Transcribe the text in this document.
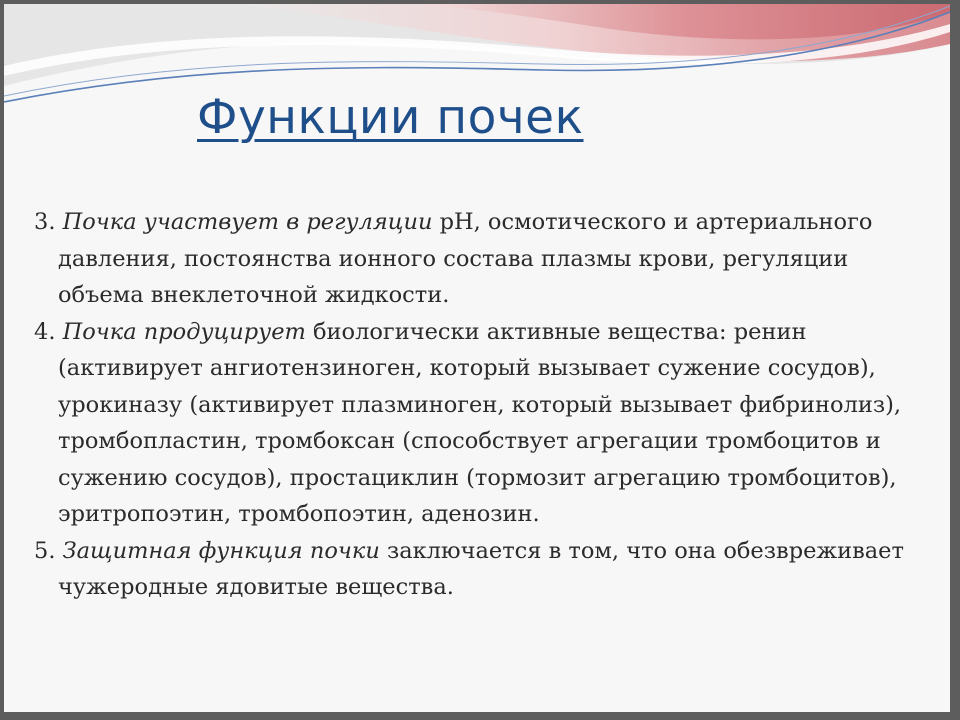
Функции почек
3. Почка участвует в регуляции pH, осмотического и артериального давления, постоянства ионного состава плазмы крови, регуляции объема внеклеточной жидкости.
4. Почка продуцирует биологически активные вещества: ренин (активирует ангиотензиноген, который вызывает сужение сосудов), урокиназу (активирует плазминоген, который вызывает фибринолиз), тромбопластин, тромбоксан (способствует агрегации тромбоцитов и сужению сосудов), простациклин (тормозит агрегацию тромбоцитов), эритропоэтин, тромбопоэтин, аденозин.
5. Защитная функция почки заключается в том, что она обезвреживает чужеродные ядовитые вещества.
